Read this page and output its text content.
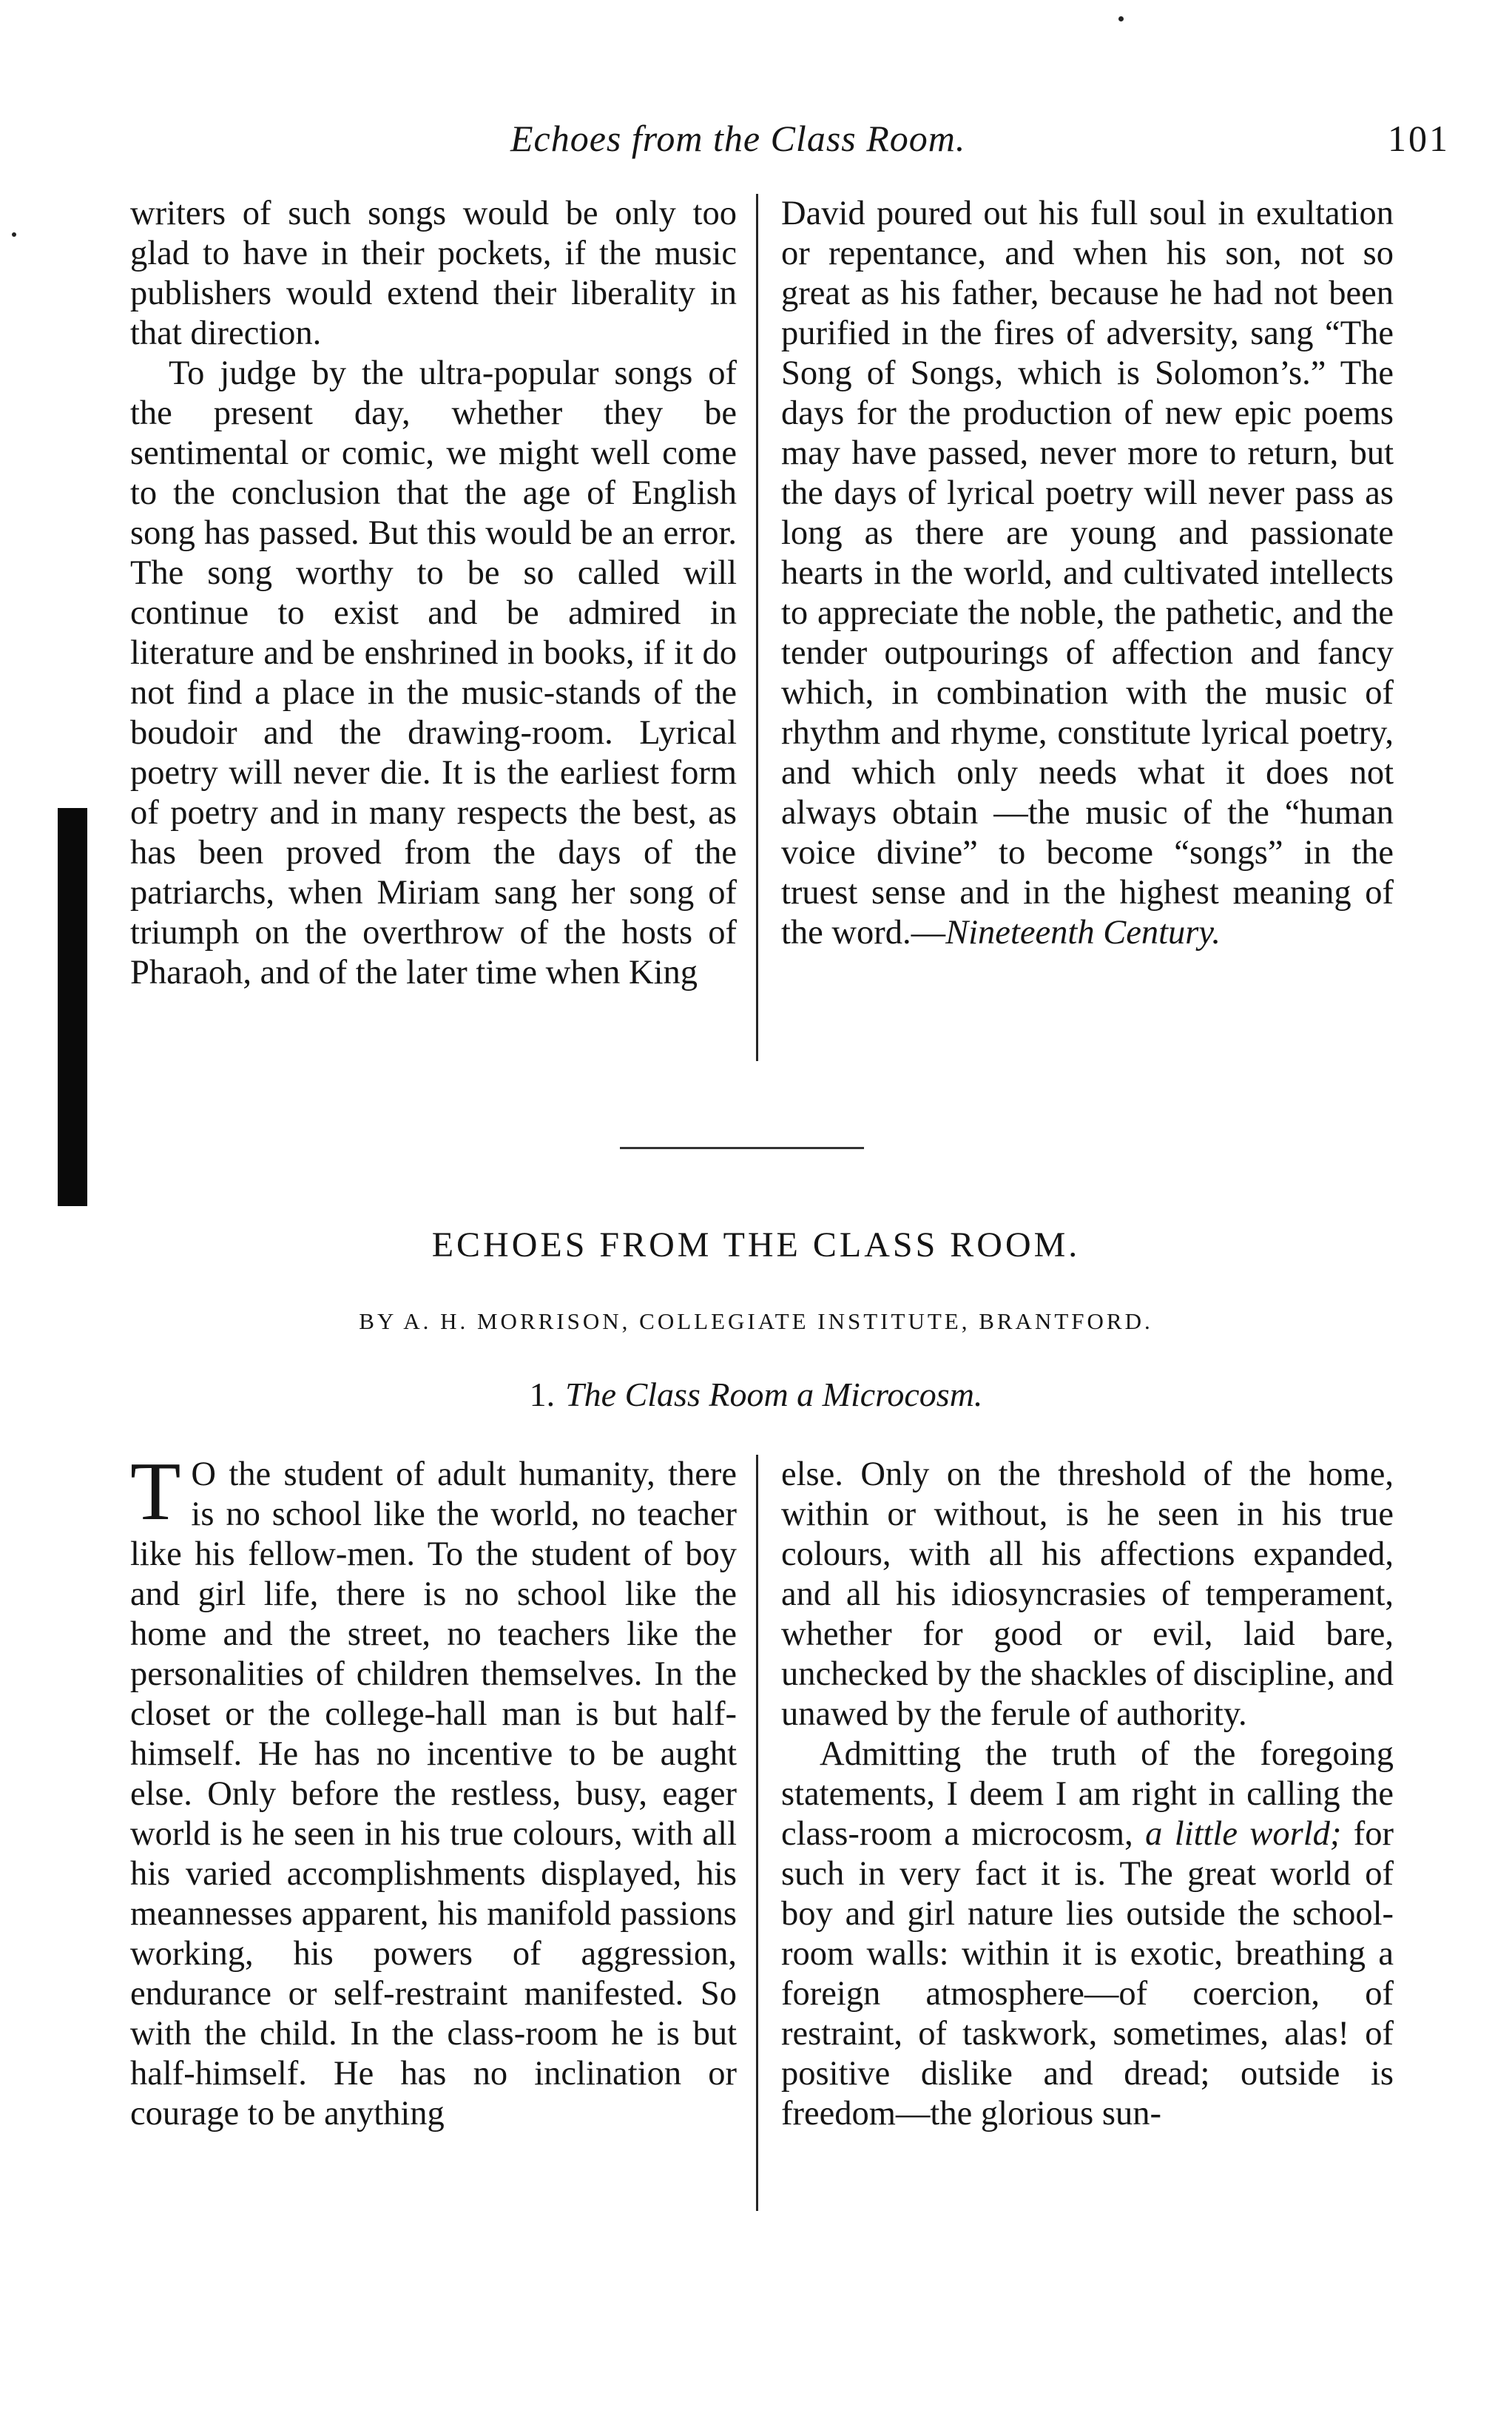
Echoes from the Class Room.	101

writers of such songs would be only too glad to have in their pockets, if the music publishers would extend their liberality in that direction.

To judge by the ultra-popular songs of the present day, whether they be sentimental or comic, we might well come to the conclusion that the age of English song has passed. But this would be an error. The song worthy to be so called will continue to exist and be admired in literature and be enshrined in books, if it do not find a place in the music-stands of the boudoir and the drawing-room. Lyrical poetry will never die. It is the earliest form of poetry and in many respects the best, as has been proved from the days of the patriarchs, when Miriam sang her song of triumph on the overthrow of the hosts of Pharaoh, and of the later time when King

David poured out his full soul in exultation or repentance, and when his son, not so great as his father, because he had not been purified in the fires of adversity, sang “The Song of Songs, which is Solomon’s.” The days for the production of new epic poems may have passed, never more to return, but the days of lyrical poetry will never pass as long as there are young and passionate hearts in the world, and cultivated intellects to appreciate the noble, the pathetic, and the tender outpourings of affection and fancy which, in combination with the music of rhythm and rhyme, constitute lyrical poetry, and which only needs what it does not always obtain —the music of the “human voice divine” to become “songs” in the truest sense and in the highest meaning of the word.—Nineteenth Century.

ECHOES FROM THE CLASS ROOM.
BY A. H. MORRISON, COLLEGIATE INSTITUTE, BRANTFORD.
1. The Class Room a Microcosm.

T O the student of adult humanity, there is no school like the world, no teacher like his fellow-men. To the student of boy and girl life, there is no school like the home and the street, no teachers like the personalities of children themselves. In the closet or the college-hall man is but half-himself. He has no incentive to be aught else. Only before the restless, busy, eager world is he seen in his true colours, with all his varied accomplishments displayed, his meannesses apparent, his manifold passions working, his powers of aggression, endurance or self-restraint manifested. So with the child. In the class-room he is but half-himself. He has no inclination or courage to be anything

else. Only on the threshold of the home, within or without, is he seen in his true colours, with all his affections expanded, and all his idiosyncrasies of temperament, whether for good or evil, laid bare, unchecked by the shackles of discipline, and unawed by the ferule of authority.

Admitting the truth of the foregoing statements, I deem I am right in calling the class-room a microcosm, a little world; for such in very fact it is. The great world of boy and girl nature lies outside the school-room walls: within it is exotic, breathing a foreign atmosphere—of coercion, of restraint, of taskwork, sometimes, alas! of positive dislike and dread; outside is freedom—the glorious sun-
